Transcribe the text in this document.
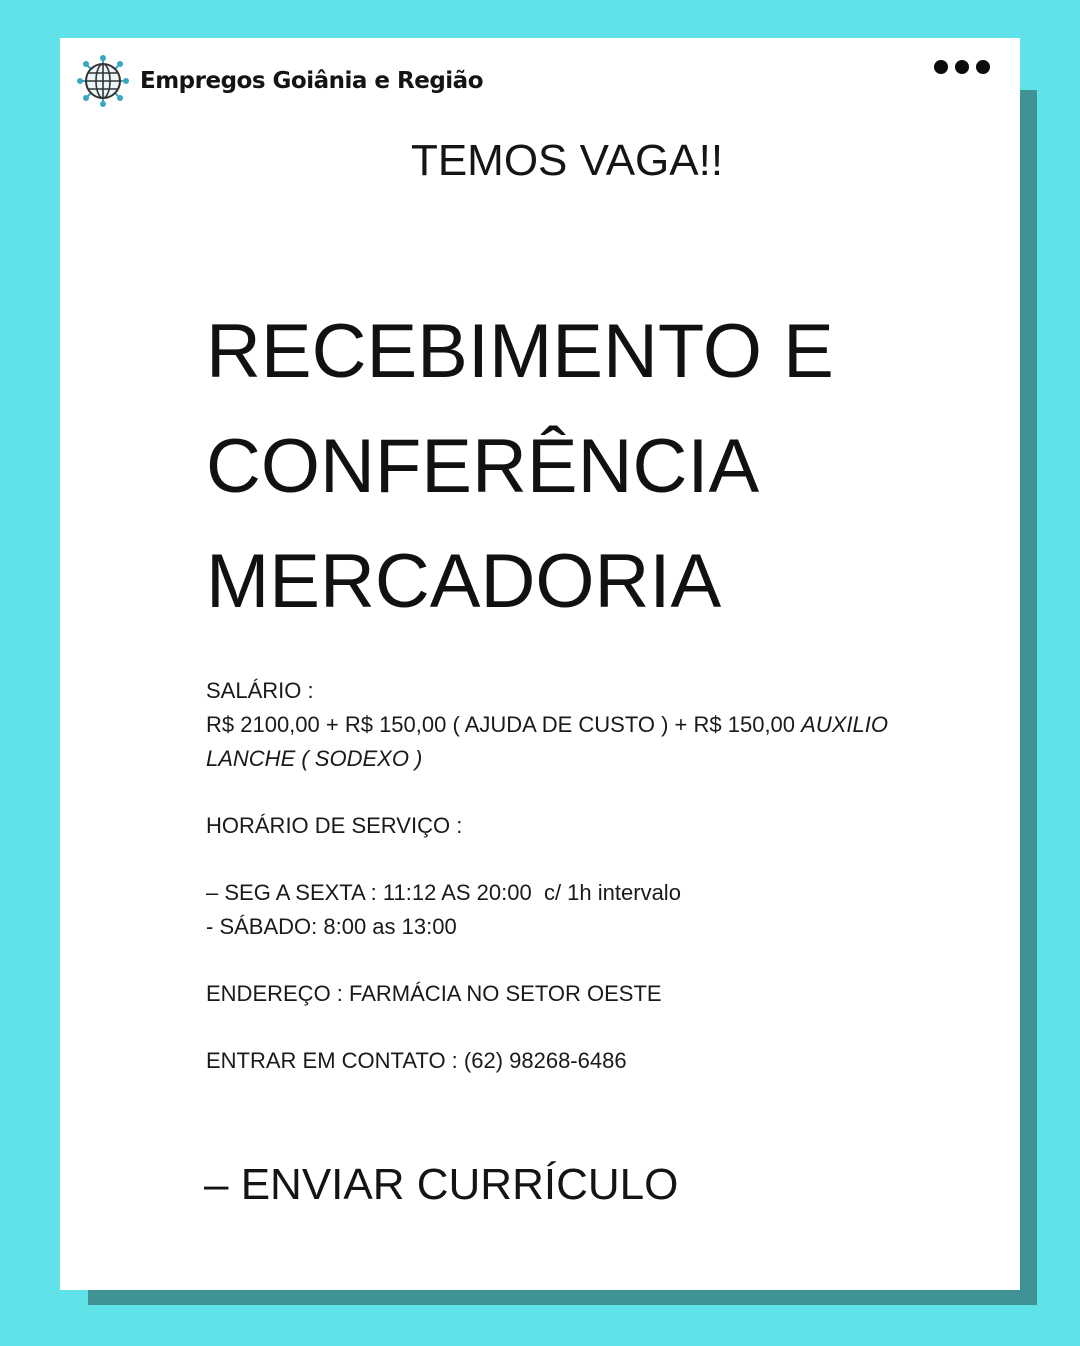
Empregos Goiânia e Região
TEMOS VAGA!!
RECEBIMENTO E
CONFERÊNCIA
MERCADORIA

SALÁRIO :

R$ 2100,00 + R$ 150,00 ( AJUDA DE CUSTO ) + R$ 150,00 AUXILIO LANCHE ( SODEXO )

HORÁRIO DE SERVIÇO :

– SEG A SEXTA : 11:12 AS 20:00  c/ 1h intervalo

- SÁBADO: 8:00 as 13:00

ENDEREÇO : FARMÁCIA NO SETOR OESTE

ENTRAR EM CONTATO : (62) 98268-6486

– ENVIAR CURRÍCULO
